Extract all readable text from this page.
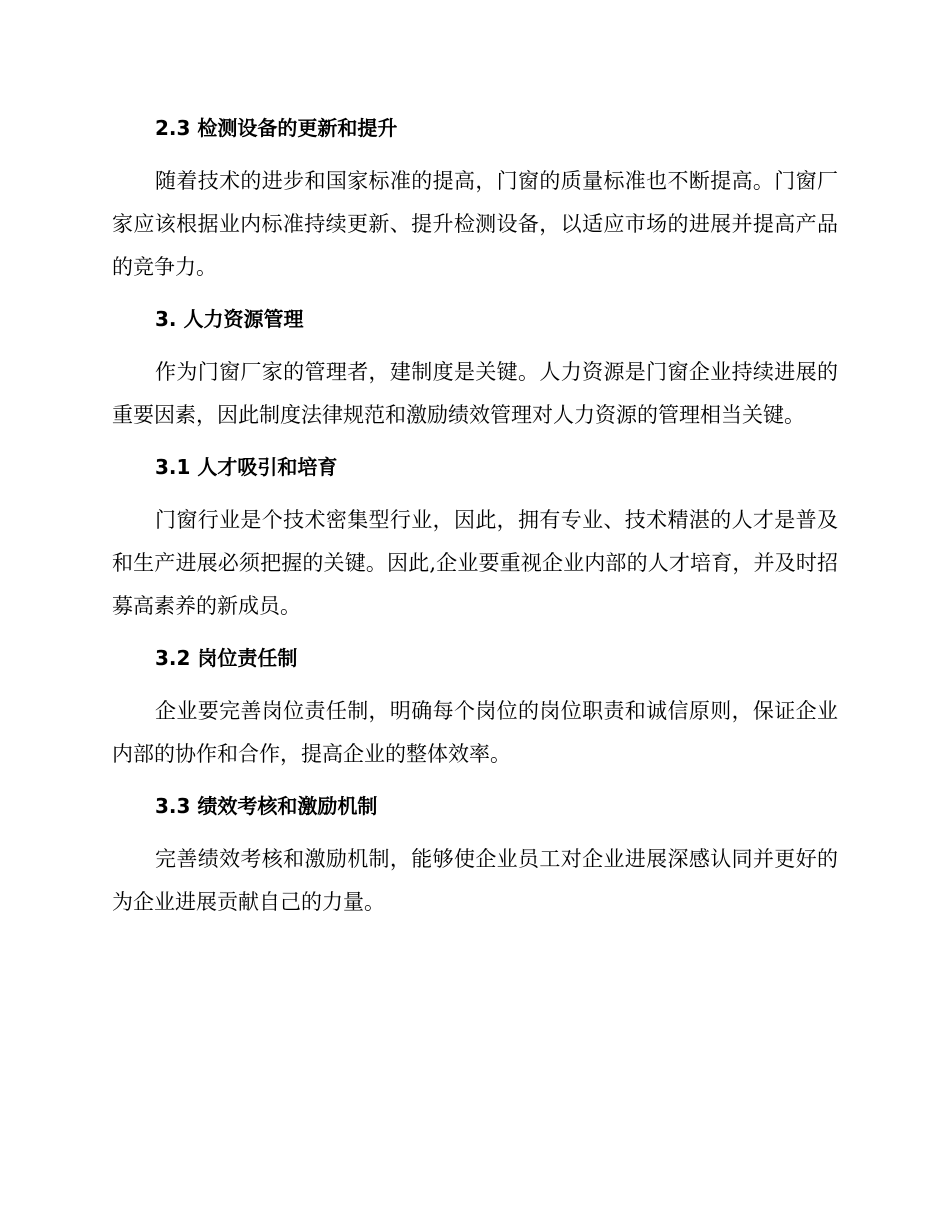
2.3 检测设备的更新和提升

随着技术的进步和国家标准的提高，门窗的质量标准也不断提高。门窗厂家应该根据业内标准持续更新、提升检测设备，以适应市场的进展并提高产品的竞争力。

3. 人力资源管理

作为门窗厂家的管理者，建制度是关键。人力资源是门窗企业持续进展的重要因素，因此制度法律规范和激励绩效管理对人力资源的管理相当关键。

3.1 人才吸引和培育

门窗行业是个技术密集型行业，因此，拥有专业、技术精湛的人才是普及和生产进展必须把握的关键。因此,企业要重视企业内部的人才培育，并及时招募高素养的新成员。

3.2 岗位责任制

企业要完善岗位责任制，明确每个岗位的岗位职责和诚信原则，保证企业内部的协作和合作，提高企业的整体效率。

3.3 绩效考核和激励机制

完善绩效考核和激励机制，能够使企业员工对企业进展深感认同并更好的为企业进展贡献自己的力量。
